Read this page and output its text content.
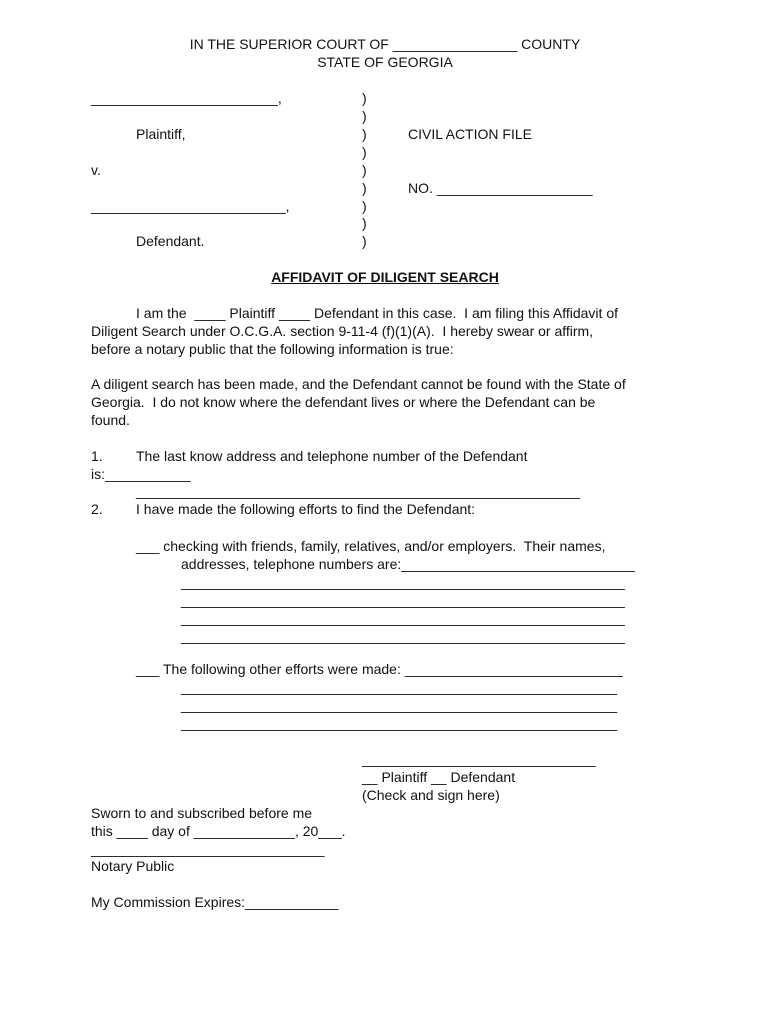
IN THE SUPERIOR COURT OF ________________ COUNTY

STATE OF GEORGIA

________________________,

Plaintiff,

v.

_________________________,

Defendant.

)

)

)

)

)

)

)

)

)

CIVIL ACTION FILE

NO. ____________________

AFFIDAVIT OF DILIGENT SEARCH

I am the  ____ Plaintiff ____ Defendant in this case.  I am filing this Affidavit of

Diligent Search under O.C.G.A. section 9-11-4 (f)(1)(A).  I hereby swear or affirm,

before a notary public that the following information is true:

A diligent search has been made, and the Defendant cannot be found with the State of

Georgia.  I do not know where the defendant lives or where the Defendant can be

found.

1. The last know address and telephone number of the Defendant

is:___________

_________________________________________________________

2. I have made the following efforts to find the Defendant:

___ checking with friends, family, relatives, and/or employers.  Their names,

addresses, telephone numbers are:______________________________

_________________________________________________________

_________________________________________________________

_________________________________________________________

_________________________________________________________

___ The following other efforts were made: ____________________________

________________________________________________________

________________________________________________________

________________________________________________________

______________________________

__ Plaintiff __ Defendant

(Check and sign here)

Sworn to and subscribed before me

this ____ day of _____________, 20___.

______________________________

Notary Public

My Commission Expires:____________
